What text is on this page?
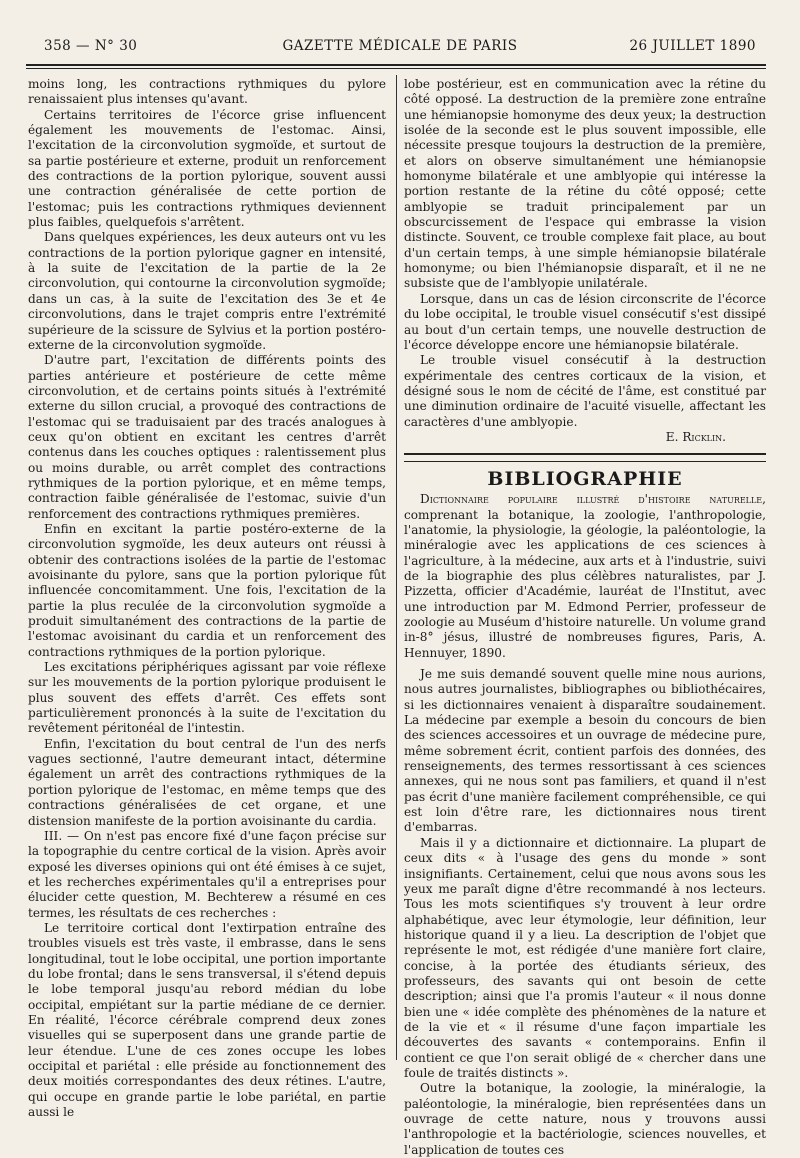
358 — N° 30	GAZETTE MÉDICALE DE PARIS	26 JUILLET 1890

moins long, les contractions rythmiques du pylore renaissaient plus intenses qu'avant.

Certains territoires de l'écorce grise influencent également les mouvements de l'estomac. Ainsi, l'excitation de la circonvolution sygmoïde, et surtout de sa partie postérieure et externe, produit un renforcement des contractions de la portion pylorique, souvent aussi une contraction généralisée de cette portion de l'estomac; puis les contractions rythmiques deviennent plus faibles, quelquefois s'arrêtent.

Dans quelques expériences, les deux auteurs ont vu les contractions de la portion pylorique gagner en intensité, à la suite de l'excitation de la partie de la 2e circonvolution, qui contourne la circonvolution sygmoïde; dans un cas, à la suite de l'excitation des 3e et 4e circonvolutions, dans le trajet compris entre l'extrémité supérieure de la scissure de Sylvius et la portion postéro-externe de la circonvolution sygmoïde.

D'autre part, l'excitation de différents points des parties antérieure et postérieure de cette même circonvolution, et de certains points situés à l'extrémité externe du sillon crucial, a provoqué des contractions de l'estomac qui se traduisaient par des tracés analogues à ceux qu'on obtient en excitant les centres d'arrêt contenus dans les couches optiques : ralentissement plus ou moins durable, ou arrêt complet des contractions rythmiques de la portion pylorique, et en même temps, contraction faible généralisée de l'estomac, suivie d'un renforcement des contractions rythmiques premières.

Enfin en excitant la partie postéro-externe de la circonvolution sygmoïde, les deux auteurs ont réussi à obtenir des contractions isolées de la partie de l'estomac avoisinante du pylore, sans que la portion pylorique fût influencée concomitamment. Une fois, l'excitation de la partie la plus reculée de la circonvolution sygmoïde a produit simultanément des contractions de la partie de l'estomac avoisinant du cardia et un renforcement des contractions rythmiques de la portion pylorique.

Les excitations périphériques agissant par voie réflexe sur les mouvements de la portion pylorique produisent le plus souvent des effets d'arrêt. Ces effets sont particulièrement prononcés à la suite de l'excitation du revêtement péritonéal de l'intestin.

Enfin, l'excitation du bout central de l'un des nerfs vagues sectionné, l'autre demeurant intact, détermine également un arrêt des contractions rythmiques de la portion pylorique de l'estomac, en même temps que des contractions généralisées de cet organe, et une distension manifeste de la portion avoisinante du cardia.

III. — On n'est pas encore fixé d'une façon précise sur la topographie du centre cortical de la vision. Après avoir exposé les diverses opinions qui ont été émises à ce sujet, et les recherches expérimentales qu'il a entreprises pour élucider cette question, M. Bechterew a résumé en ces termes, les résultats de ces recherches :

Le territoire cortical dont l'extirpation entraîne des troubles visuels est très vaste, il embrasse, dans le sens longitudinal, tout le lobe occipital, une portion importante du lobe frontal; dans le sens transversal, il s'étend depuis le lobe temporal jusqu'au rebord médian du lobe occipital, empiétant sur la partie médiane de ce dernier. En réalité, l'écorce cérébrale comprend deux zones visuelles qui se superposent dans une grande partie de leur étendue. L'une de ces zones occupe les lobes occipital et pariétal : elle préside au fonctionnement des deux moitiés correspondantes des deux rétines. L'autre, qui occupe en grande partie le lobe pariétal, en partie aussi le

lobe postérieur, est en communication avec la rétine du côté opposé. La destruction de la première zone entraîne une hémianopsie homonyme des deux yeux; la destruction isolée de la seconde est le plus souvent impossible, elle nécessite presque toujours la destruction de la première, et alors on observe simultanément une hémianopsie homonyme bilatérale et une amblyopie qui intéresse la portion restante de la rétine du côté opposé; cette amblyopie se traduit principalement par un obscurcissement de l'espace qui embrasse la vision distincte. Souvent, ce trouble complexe fait place, au bout d'un certain temps, à une simple hémianopsie bilatérale homonyme; ou bien l'hémianopsie disparaît, et il ne ne subsiste que de l'amblyopie unilatérale.

Lorsque, dans un cas de lésion circonscrite de l'écorce du lobe occipital, le trouble visuel consécutif s'est dissipé au bout d'un certain temps, une nouvelle destruction de l'écorce développe encore une hémianopsie bilatérale.

Le trouble visuel consécutif à la destruction expérimentale des centres corticaux de la vision, et désigné sous le nom de cécité de l'âme, est constitué par une diminution ordinaire de l'acuité visuelle, affectant les caractères d'une amblyopie.

E. Ricklin.
BIBLIOGRAPHIE

Dictionnaire populaire illustré d'histoire naturelle, comprenant la botanique, la zoologie, l'anthropologie, l'anatomie, la physiologie, la géologie, la paléontologie, la minéralogie avec les applications de ces sciences à l'agriculture, à la médecine, aux arts et à l'industrie, suivi de la biographie des plus célèbres naturalistes, par J. Pizzetta, officier d'Académie, lauréat de l'Institut, avec une introduction par M. Edmond Perrier, professeur de zoologie au Muséum d'histoire naturelle. Un volume grand in-8° jésus, illustré de nombreuses figures, Paris, A. Hennuyer, 1890.

Je me suis demandé souvent quelle mine nous aurions, nous autres journalistes, bibliographes ou bibliothécaires, si les dictionnaires venaient à disparaître soudainement. La médecine par exemple a besoin du concours de bien des sciences accessoires et un ouvrage de médecine pure, même sobrement écrit, contient parfois des données, des renseignements, des termes ressortissant à ces sciences annexes, qui ne nous sont pas familiers, et quand il n'est pas écrit d'une manière facilement compréhensible, ce qui est loin d'être rare, les dictionnaires nous tirent d'embarras.

Mais il y a dictionnaire et dictionnaire. La plupart de ceux dits « à l'usage des gens du monde » sont insignifiants. Certainement, celui que nous avons sous les yeux me paraît digne d'être recommandé à nos lecteurs. Tous les mots scientifiques s'y trouvent à leur ordre alphabétique, avec leur étymologie, leur définition, leur historique quand il y a lieu. La description de l'objet que représente le mot, est rédigée d'une manière fort claire, concise, à la portée des étudiants sérieux, des professeurs, des savants qui ont besoin de cette description; ainsi que l'a promis l'auteur « il nous donne bien une « idée complète des phénomènes de la nature et de la vie et « il résume d'une façon impartiale les découvertes des savants « contemporains. Enfin il contient ce que l'on serait obligé de « chercher dans une foule de traités distincts ».

Outre la botanique, la zoologie, la minéralogie, la paléontologie, la minéralogie, bien représentées dans un ouvrage de cette nature, nous y trouvons aussi l'anthropologie et la bactériologie, sciences nouvelles, et l'application de toutes ces
